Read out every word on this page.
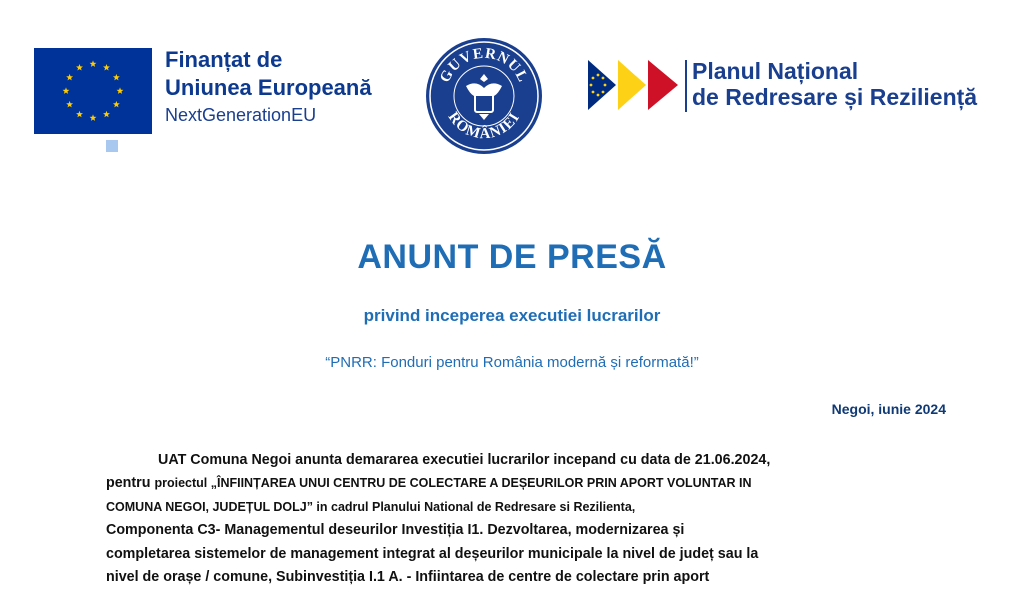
Finanțat de
Uniunea Europeană
NextGenerationEU
GUVERNUL
ROMÂNIEI
Planul Național
de Redresare și Reziliență
ANUNT DE PRESĂ
privind inceperea executiei lucrarilor
“PNRR: Fonduri pentru România modernă și reformată!”
Negoi, iunie 2024
UAT Comuna Negoi anunta demararea executiei lucrarilor incepand cu data de 21.06.2024,
pentru proiectul „ÎNFIINȚAREA UNUI CENTRU DE COLECTARE A DEȘEURILOR PRIN APORT VOLUNTAR IN
COMUNA NEGOI, JUDEȚUL DOLJ” in cadrul Planului National de Redresare si Rezilienta,
Componenta C3- Managementul deseurilor Investiția I1. Dezvoltarea, modernizarea și
completarea sistemelor de management integrat al deșeurilor municipale la nivel de județ sau la
nivel de orașe / comune, Subinvestiția I.1 A. - Infiintarea de centre de colectare prin aport
